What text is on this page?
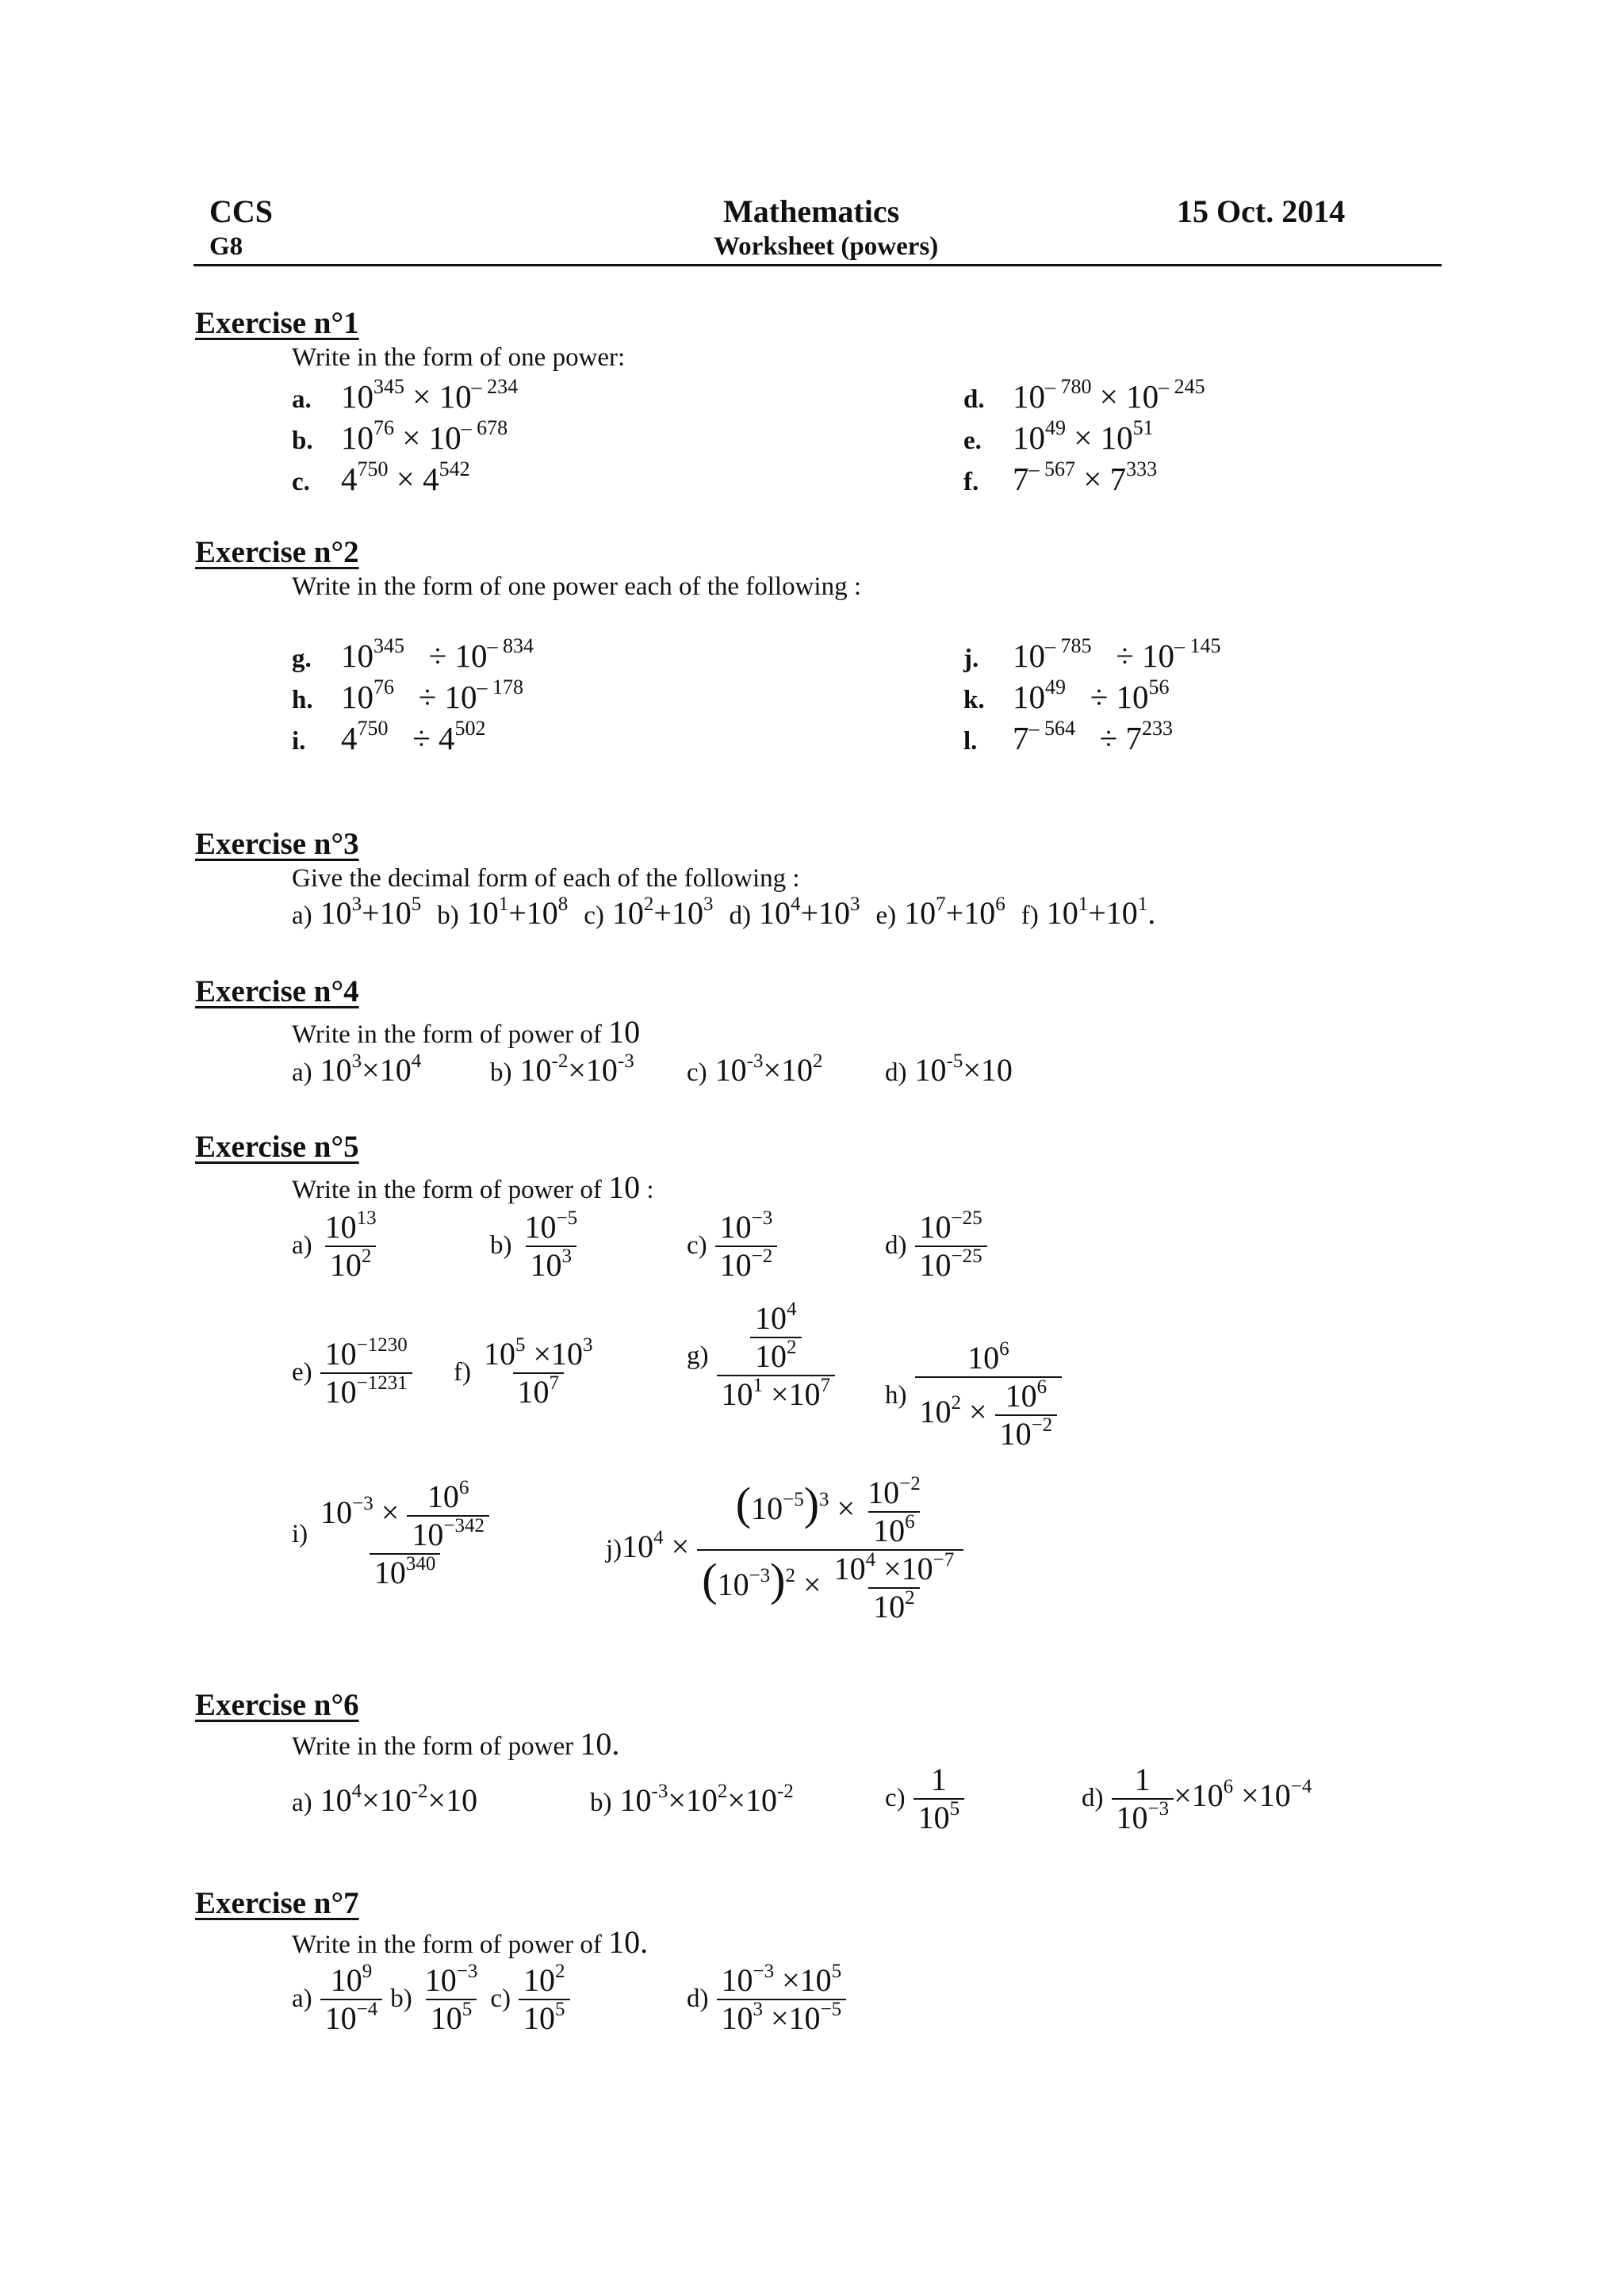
CCS
G8
Mathematics
Worksheet (powers)
15 Oct. 2014
Exercise n°1
Write in the form of one power:
a. $10^{345} \times 10^{- 234}$
b. $10^{76} \times 10^{- 678}$
c. $4^{750} \times 4^{542}$
d. $10^{- 780} \times 10^{- 245}$
e. $10^{49} \times 10^{51}$
f. $7^{- 567} \times 7^{333}$
Exercise n°2
Write in the form of one power each of the following :
g. $10^{345} \div 10^{- 834}$
h. $10^{76} \div 10^{- 178}$
i. $4^{750} \div 4^{502}$
j. $10^{- 785} \div 10^{- 145}$
k. $10^{49} \div 10^{56}$
l. $7^{- 564} \div 7^{233}$
Exercise n°3
Give the decimal form of each of the following :
a) $10^3+10^5$ b) $10^1+10^8$ c) $10^2+10^3$ d) $10^4+10^3$ e) $10^7+10^6$ f) $10^1+10^1$.
Exercise n°4
Write in the form of power of 10
a) $10^3\times 10^4$	b) $10^{-2}\times 10^{-3}$ c) $10^{-3}\times 10^2$ d) $10^{-5}\times 10$
Exercise n°5
Write in the form of power of 10 :
$a) \frac{10^{13}}{10^2}$	$b) \frac{10^{-5}}{10^3}$	$c) \frac{10^{-3}}{10^{-2}}$	$d) \frac{10^{-25}}{10^{-25}}$
$e) \frac{10^{-1230}}{10^{-1231}} f) \frac{10^5 \times 10^3}{10^7}$	$g) \frac{\frac{10^4}{10^2}}{10^1 \times 10^7} h) \frac{10^6}{10^2 \times \frac{10^6}{10^{-2}}}$
$i) \frac{10^{-3} \times \frac{10^6}{10^{-342}}}{10^{340}}$	$j)10^4 \times \frac{(10^{-5})^3 \times \frac{10^{-2}}{10^6}}{(10^{-3})^2 \times \frac{10^4 \times 10^{-7}}{10^2}}$
Exercise n°6
Write in the form of power 10.
a) $10^4\times 10^{-2}\times 10$	b) $10^{-3}\times 10^2\times 10^{-2}$	$c) \frac{1}{10^5}$	$d) \frac{1}{10^{-3}} \times 10^6 \times 10^{-4}$
Exercise n°7
Write in the form of power of 10.
$a) \frac{10^9}{10^{-4}} b) \frac{10^{-3}}{10^5} c) \frac{10^2}{10^5}$	$d) \frac{10^{-3} \times 10^5}{10^3 \times 10^{-5}}$
